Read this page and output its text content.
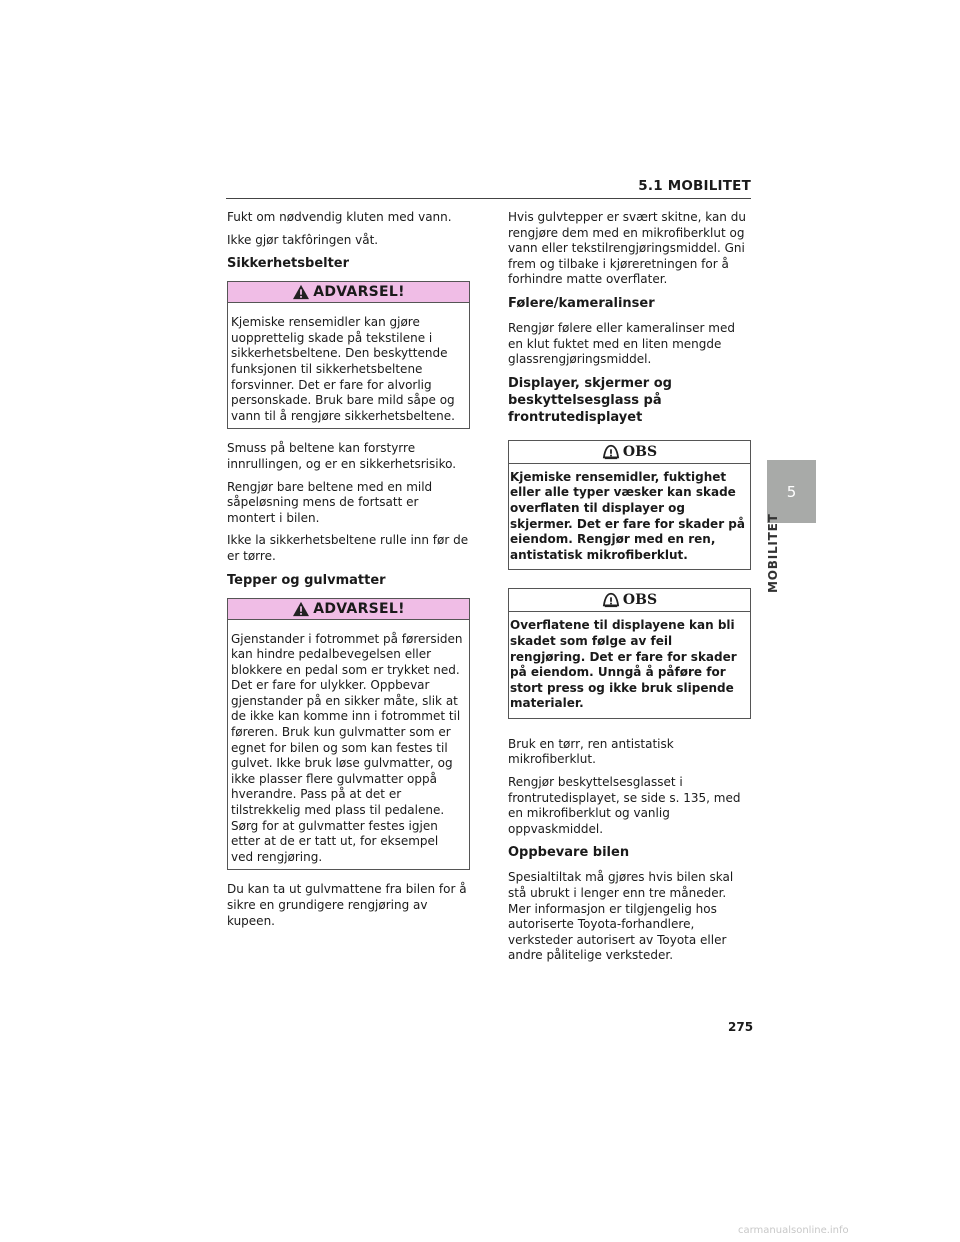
5.1 MOBILITET

Fukt om nødvendig kluten med vann.

Ikke gjør takfôringen våt.

Sikkerhetsbelter
ADVARSEL!
Kjemiske rensemidler kan gjøre uopprettelig skade på tekstilene i sikkerhetsbeltene. Den beskyttende funksjonen til sikkerhetsbeltene forsvinner. Det er fare for alvorlig personskade. Bruk bare mild såpe og vann til å rengjøre sikkerhetsbeltene.

Smuss på beltene kan forstyrre innrullingen, og er en sikkerhetsrisiko.

Rengjør bare beltene med en mild såpeløsning mens de fortsatt er montert i bilen.

Ikke la sikkerhetsbeltene rulle inn før de er tørre.

Tepper og gulvmatter
ADVARSEL!
Gjenstander i fotrommet på førersiden kan hindre pedalbevegelsen eller blokkere en pedal som er trykket ned. Det er fare for ulykker. Oppbevar gjenstander på en sikker måte, slik at de ikke kan komme inn i fotrommet til føreren. Bruk kun gulvmatter som er egnet for bilen og som kan festes til gulvet. Ikke bruk løse gulvmatter, og ikke plasser flere gulvmatter oppå hverandre. Pass på at det er tilstrekkelig med plass til pedalene. Sørg for at gulvmatter festes igjen etter at de er tatt ut, for eksempel ved rengjøring.

Du kan ta ut gulvmattene fra bilen for å sikre en grundigere rengjøring av kupeen.

Hvis gulvtepper er svært skitne, kan du rengjøre dem med en mikrofiberklut og vann eller tekstilrengjøringsmiddel. Gni frem og tilbake i kjøreretningen for å forhindre matte overflater.

Følere/kameralinser

Rengjør følere eller kameralinser med en klut fuktet med en liten mengde glassrengjøringsmiddel.

Displayer, skjermer og beskyttelsesglass på frontrutedisplayet
OBS
Kjemiske rensemidler, fuktighet eller alle typer væsker kan skade overflaten til displayer og skjermer. Det er fare for skader på eiendom. Rengjør med en ren, antistatisk mikrofiberklut.
OBS
Overflatene til displayene kan bli skadet som følge av feil rengjøring. Det er fare for skader på eiendom. Unngå å påføre for stort press og ikke bruk slipende materialer.

Bruk en tørr, ren antistatisk mikrofiberklut.

Rengjør beskyttelsesglasset i frontrutedisplayet, se side s. 135, med en mikrofiberklut og vanlig oppvaskmiddel.

Oppbevare bilen

Spesialtiltak må gjøres hvis bilen skal stå ubrukt i lenger enn tre måneder. Mer informasjon er tilgjengelig hos autoriserte Toyota-forhandlere, verksteder autorisert av Toyota eller andre pålitelige verksteder.

5
MOBILITET
275
carmanualsonline.info
